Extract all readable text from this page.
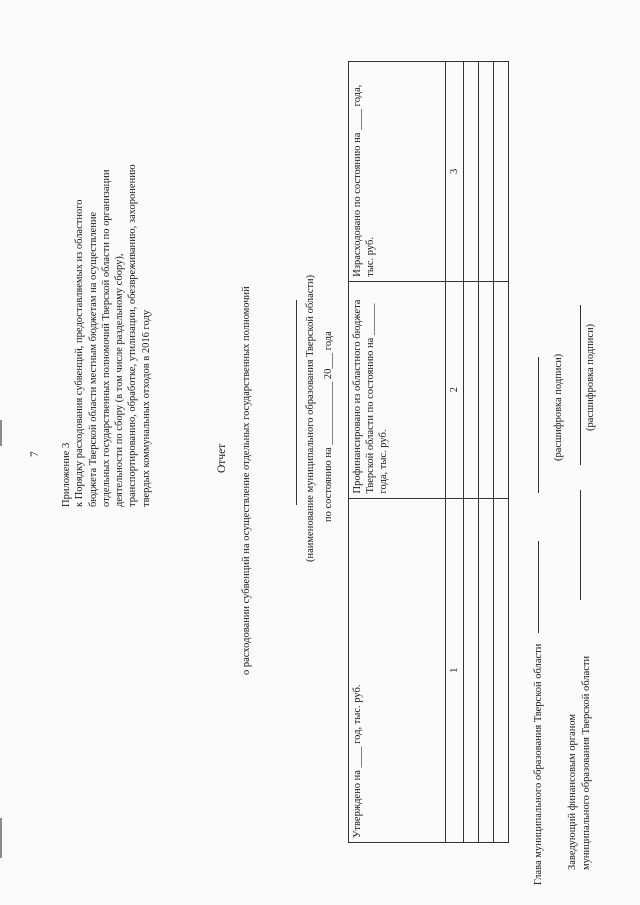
7 Приложение 3 к Порядку расходования субвенций, предоставляемых из областного бюджета Тверской области местным бюджетам на осуществление отдельных государственных полномочий Тверской области по организации деятельности по сбору (в том числе раздельному сбору), транспортированию, обработке, утилизации, обезвреживанию, захоронению твердых коммунальных отходов в 2016 году	Отчет о расходовании субвенций на осуществление отдельных государственных полномочий	(наименование муниципального образования Тверской области) по состоянию на ____________ 20___ года
Утверждено на ____ год, тыс. руб.	Профинансировано из областного бюджета Тверской области по состоянию на ______ года, тыс. руб.	Израсходовано по состоянию на ____ года, тыс. руб.
1	2	3

Глава муниципального образования Тверской области
(расшифровка подписи)
Заведующий финансовым органом муниципального образования Тверской области
(расшифровка подписи)
